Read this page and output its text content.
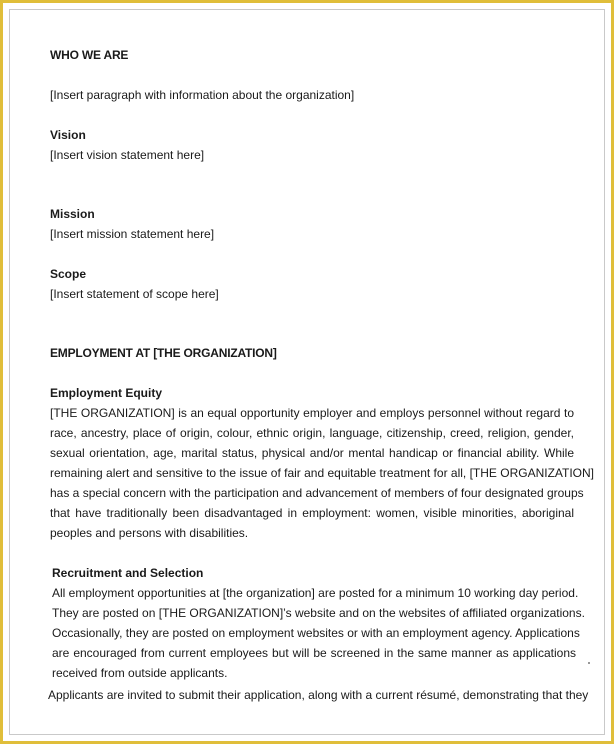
WHO WE ARE
[Insert paragraph with information about the organization]
Vision
[Insert vision statement here]
Mission
[Insert mission statement here]
Scope
[Insert statement of scope here]
EMPLOYMENT AT [THE ORGANIZATION]
Employment Equity
[THE ORGANIZATION] is an equal opportunity employer and employs personnel without regard to
race, ancestry, place of origin, colour, ethnic origin, language, citizenship, creed, religion, gender,
sexual orientation, age, marital status, physical and/or mental handicap or financial ability. While
remaining alert and sensitive to the issue of fair and equitable treatment for all, [THE ORGANIZATION]
has a special concern with the participation and advancement of members of four designated groups
that have traditionally been disadvantaged in employment: women, visible minorities, aboriginal
peoples and persons with disabilities.
Recruitment and Selection
All employment opportunities at [the organization] are posted for a minimum 10 working day period.
They are posted on [THE ORGANIZATION]’s website and on the websites of affiliated organizations.
Occasionally, they are posted on employment websites or with an employment agency. Applications
are encouraged from current employees but will be screened in the same manner as applications
received from outside applicants.
Applicants are invited to submit their application, along with a current résumé, demonstrating that they
